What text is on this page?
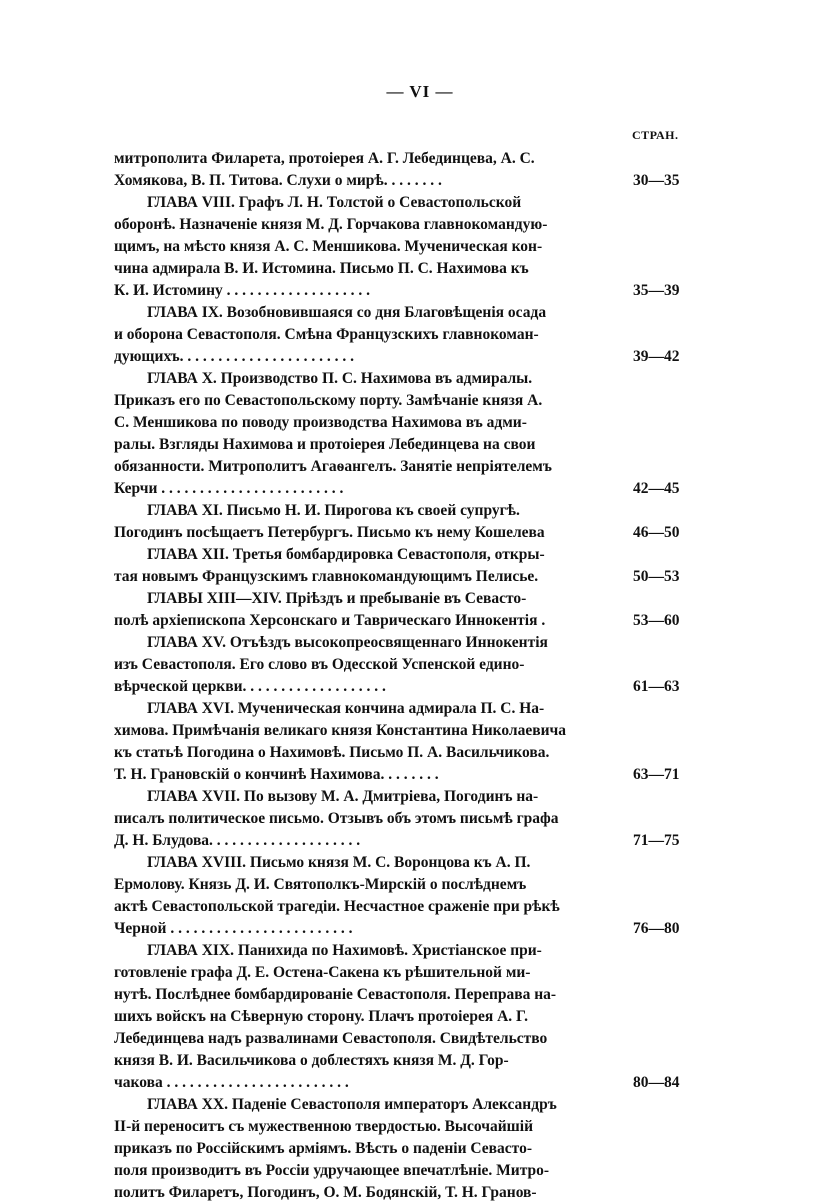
— VI —
СТРАН.
митрополита Филарета, протоіерея А. Г. Лебединцева, А. С.
Хомякова, В. П. Титова. Слухи о мирѣ. . . . . . . .	30—35
ГЛАВА VIII. Графъ Л. Н. Толстой о Севастопольской
оборонѣ. Назначеніе князя М. Д. Горчакова главнокомандую-
щимъ, на мѣсто князя А. С. Меншикова. Мученическая кон-
чина адмирала В. И. Истомина. Письмо П. С. Нахимова къ
К. И. Истомину . . . . . . . . . . . . . . . . . . .	35—39
ГЛАВА IX. Возобновившаяся со дня Благовѣщенія осада
и оборона Севастополя. Смѣна Французскихъ главнокоман-
дующихъ. . . . . . . . . . . . . . . . . . . . . . .	39—42
ГЛАВА X. Производство П. С. Нахимова въ адмиралы.
Приказъ его по Севастопольскому порту. Замѣчаніе князя А.
С. Меншикова по поводу производства Нахимова въ адми-
ралы. Взгляды Нахимова и протоіерея Лебединцева на свои
обязанности. Митрополитъ Агаѳангелъ. Занятіе непріятелемъ
Керчи . . . . . . . . . . . . . . . . . . . . . . . .	42—45
ГЛАВА XI. Письмо Н. И. Пирогова къ своей супругѣ.
Погодинъ посѣщаетъ Петербургъ. Письмо къ нему Кошелева	46—50
ГЛАВА XII. Третья бомбардировка Севастополя, откры-
тая новымъ Французскимъ главнокомандующимъ Пелисье.	50—53
ГЛАВЫ XIII—XIV. Пріѣздъ и пребываніе въ Севасто-
полѣ архіепископа Херсонскаго и Таврическаго Иннокентія .	53—60
ГЛАВА XV. Отъѣздъ высокопреосвященнаго Иннокентія
изъ Севастополя. Его слово въ Одесской Успенской едино-
вѣрческой церкви. . . . . . . . . . . . . . . . . . .	61—63
ГЛАВА XVI. Мученическая кончина адмирала П. С. На-
химова. Примѣчанія великаго князя Константина Николаевича
къ статьѣ Погодина о Нахимовѣ. Письмо П. А. Васильчикова.
Т. Н. Грановскій о кончинѣ Нахимова. . . . . . . .	63—71
ГЛАВА XVII. По вызову М. А. Дмитріева, Погодинъ на-
писалъ политическое письмо. Отзывъ объ этомъ письмѣ графа
Д. Н. Блудова. . . . . . . . . . . . . . . . . . . .	71—75
ГЛАВА XVIII. Письмо князя М. С. Воронцова къ А. П.
Ермолову. Князь Д. И. Святополкъ-Мирскій о послѣднемъ
актѣ Севастопольской трагедіи. Несчастное сраженіе при рѣкѣ
Черной . . . . . . . . . . . . . . . . . . . . . . . .	76—80
ГЛАВА XIX. Панихида по Нахимовѣ. Христіанское при-
готовленіе графа Д. Е. Остена-Сакена къ рѣшительной ми-
нутѣ. Послѣднее бомбардированіе Севастополя. Переправа на-
шихъ войскъ на Сѣверную сторону. Плачъ протоіерея А. Г.
Лебединцева надъ развалинами Севастополя. Свидѣтельство
князя В. И. Васильчикова о доблестяхъ князя М. Д. Гор-
чакова . . . . . . . . . . . . . . . . . . . . . . . .	80—84
ГЛАВА XX. Паденіе Севастополя императоръ Александръ
II-й переноситъ съ мужественною твердостью. Высочайшій
приказъ по Россійскимъ арміямъ. Вѣсть о паденіи Севасто-
поля производитъ въ Россіи удручающее впечатлѣніе. Митро-
политъ Филаретъ, Погодинъ, О. М. Бодянскій, Т. Н. Гранов-
